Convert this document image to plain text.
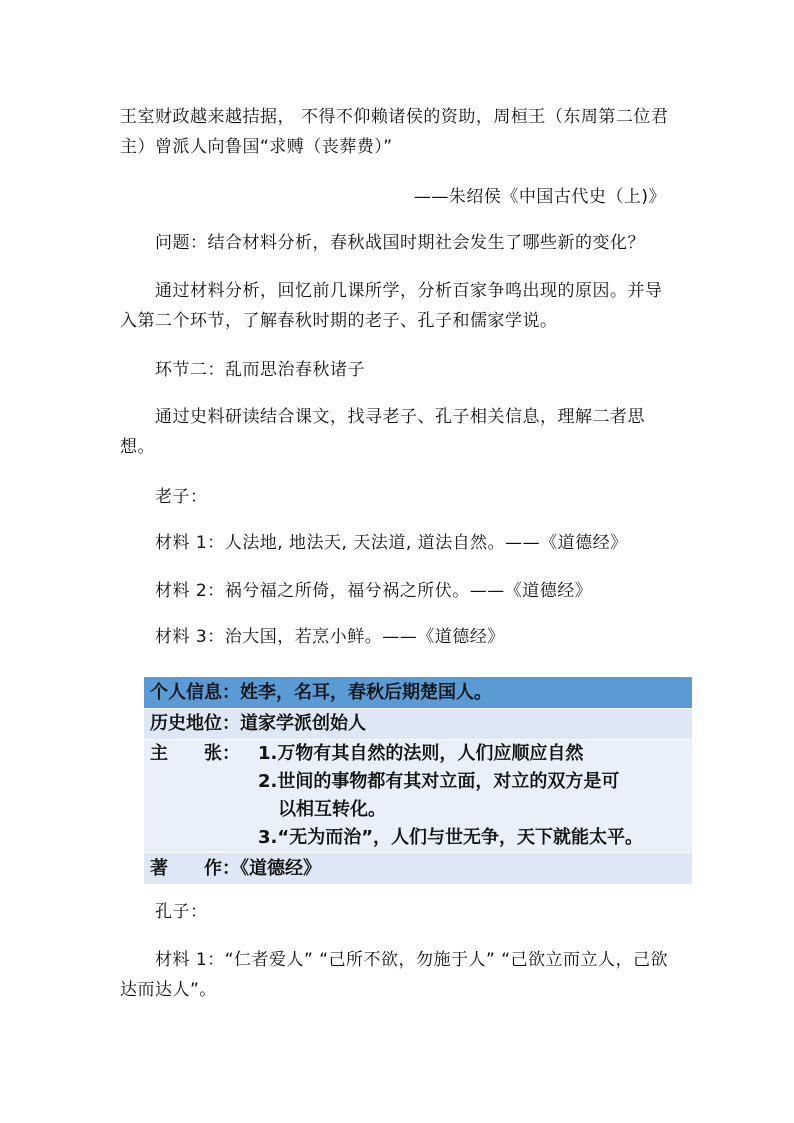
王室财政越来越拮据， 不得不仰赖诸侯的资助，周桓王（东周第二位君主）曾派人向鲁国“求赙（丧葬费）”

——朱绍侯《中国古代史（上)》

问题：结合材料分析，春秋战国时期社会发生了哪些新的变化？

通过材料分析，回忆前几课所学，分析百家争鸣出现的原因。并导入第二个环节，了解春秋时期的老子、孔子和儒家学说。

环节二：乱而思治春秋诸子

通过史料研读结合课文，找寻老子、孔子相关信息，理解二者思想。

老子：

材料 1：人法地, 地法天, 天法道, 道法自然。——《道德经》

材料 2：祸兮福之所倚，福兮祸之所伏。——《道德经》

材料 3：治大国，若烹小鲜。——《道德经》

个人信息：姓李，名耳，春秋后期楚国人。
历史地位：道家学派创始人

主　　张：	1.万物有其自然的法则，人们应顺应自然

2.世间的事物都有其对立面，对立的双方是可

以相互转化。

3.“无为而治”，人们与世无争，天下就能太平。

著　　作：《道德经》

孔子：

材料 1：“仁者爱人” “己所不欲，勿施于人” “己欲立而立人，己欲达而达人”。
